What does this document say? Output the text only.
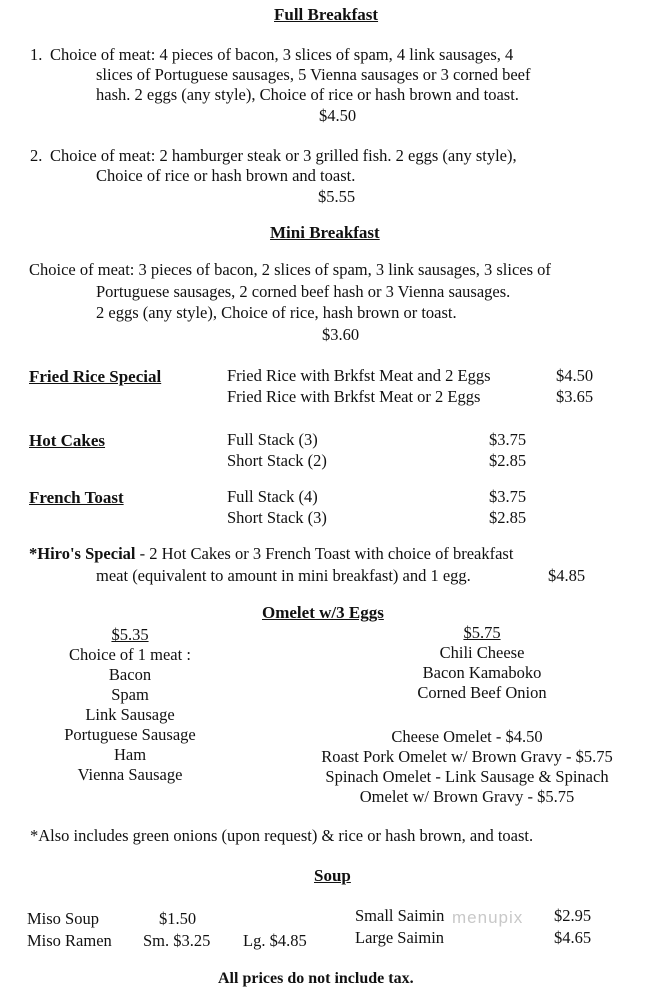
Full Breakfast
1. Choice of meat: 4 pieces of bacon, 3 slices of spam, 4 link sausages, 4
slices of Portuguese sausages, 5 Vienna sausages or 3 corned beef
hash. 2 eggs (any style), Choice of rice or hash brown and toast.
$4.50
2. Choice of meat: 2 hamburger steak or 3 grilled fish. 2 eggs (any style),
Choice of rice or hash brown and toast.
$5.55
Mini Breakfast
Choice of meat: 3 pieces of bacon, 2 slices of spam, 3 link sausages, 3 slices of
Portuguese sausages, 2 corned beef hash or 3 Vienna sausages.
2 eggs (any style), Choice of rice, hash brown or toast.
$3.60
Fried Rice Special	Fried Rice with Brkfst Meat and 2 Eggs	$4.50
Fried Rice with Brkfst Meat or 2 Eggs	$3.65
Hot Cakes	Full Stack (3)	$3.75
Short Stack (2)	$2.85
French Toast	Full Stack (4)	$3.75
Short Stack (3)	$2.85
*Hiro's Special - 2 Hot Cakes or 3 French Toast with choice of breakfast
meat (equivalent to amount in mini breakfast) and 1 egg.	$4.85
Omelet w/3 Eggs
$5.35
Choice of 1 meat :
Bacon
Spam
Link Sausage
Portuguese Sausage
Ham
Vienna Sausage
$5.75
Chili Cheese
Bacon Kamaboko
Corned Beef Onion
Cheese Omelet - $4.50
Roast Pork Omelet w/ Brown Gravy - $5.75
Spinach Omelet - Link Sausage & Spinach
Omelet w/ Brown Gravy - $5.75
*Also includes green onions (upon request) & rice or hash brown, and toast.
Soup
Miso Soup	$1.50
Miso Ramen Sm. $3.25 Lg. $4.85
Small Saimin	$2.95
Large Saimin	$4.65
menupix
All prices do not include tax.
